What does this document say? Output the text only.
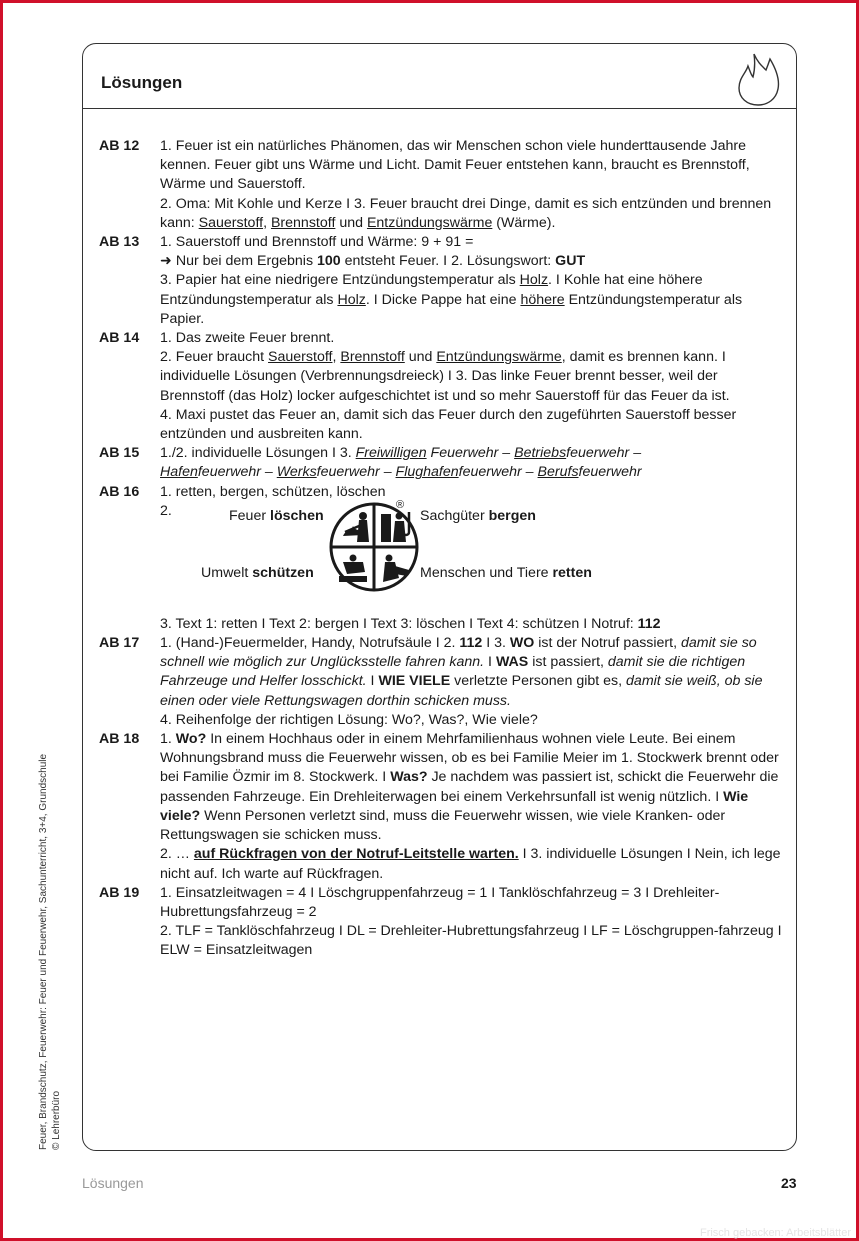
Lösungen
AB 12	1. Feuer ist ein natürliches Phänomen, das wir Menschen schon viele hunderttausende Jahre kennen. Feuer gibt uns Wärme und Licht. Damit Feuer entstehen kann, braucht es Brennstoff, Wärme und Sauerstoff.

2. Oma: Mit Kohle und Kerze I 3. Feuer braucht drei Dinge, damit es sich entzünden und brennen kann: Sauerstoff, Brennstoff und Entzündungswärme (Wärme).

AB 13	1. Sauerstoff und Brennstoff und Wärme: 9 + 91 =

➜ Nur bei dem Ergebnis 100 entsteht Feuer. I 2. Lösungswort: GUT

3. Papier hat eine niedrigere Entzündungstemperatur als Holz. I Kohle hat eine höhere Entzündungstemperatur als Holz. I Dicke Pappe hat eine höhere Entzündungstemperatur als Papier.

AB 14	1. Das zweite Feuer brennt.

2. Feuer braucht Sauerstoff, Brennstoff und Entzündungswärme, damit es brennen kann. I individuelle Lösungen (Verbrennungsdreieck) I 3. Das linke Feuer brennt besser, weil der Brennstoff (das Holz) locker aufgeschichtet ist und so mehr Sauerstoff für das Feuer da ist.

4. Maxi pustet das Feuer an, damit sich das Feuer durch den zugeführten Sauerstoff besser entzünden und ausbreiten kann.

AB 15	1./2. individuelle Lösungen I 3. Freiwilligen Feuerwehr – Betriebsfeuerwehr –
Hafenfeuerwehr – Werksfeuerwehr – Flughafenfeuerwehr – Berufsfeuerwehr

AB 16	1. retten, bergen, schützen, löschen

2.	Feuer löschen	Sachgüter bergen
Umwelt schützen	Menschen und Tiere retten
®

3. Text 1: retten I Text 2: bergen I Text 3: löschen I Text 4: schützen I Notruf: 112

AB 17	1. (Hand-)Feuermelder, Handy, Notrufsäule I 2. 112 I 3. WO ist der Notruf passiert, damit sie so schnell wie möglich zur Unglücksstelle fahren kann. I WAS ist passiert, damit sie die richtigen Fahrzeuge und Helfer losschickt. I WIE VIELE verletzte Personen gibt es, damit sie weiß, ob sie einen oder viele Rettungswagen dorthin schicken muss.

4. Reihenfolge der richtigen Lösung: Wo?, Was?, Wie viele?

AB 18	1. Wo? In einem Hochhaus oder in einem Mehrfamilienhaus wohnen viele Leute. Bei einem Wohnungsbrand muss die Feuerwehr wissen, ob es bei Familie Meier im 1. Stockwerk brennt oder bei Familie Özmir im 8. Stockwerk. I Was? Je nachdem was passiert ist, schickt die Feuerwehr die passenden Fahrzeuge. Ein Drehleiterwagen bei einem Verkehrsunfall ist wenig nützlich. I Wie viele? Wenn Personen verletzt sind, muss die Feuerwehr wissen, wie viele Kranken- oder Rettungswagen sie schicken muss.

2. … auf Rückfragen von der Notruf-Leitstelle warten. I 3. individuelle Lösungen I Nein, ich lege nicht auf. Ich warte auf Rückfragen.

AB 19	1. Einsatzleitwagen = 4 I Löschgruppenfahrzeug = 1 I Tanklöschfahrzeug = 3 I Drehleiter-Hubrettungsfahrzeug = 2

2. TLF = Tanklöschfahrzeug I DL = Drehleiter-Hubrettungsfahrzeug I LF = Löschgruppen-fahrzeug I ELW = Einsatzleitwagen

Feuer, Brandschutz, Feuerwehr: Feuer und Feuerwehr, Sachunterricht, 3+4, Grundschule © Lehrerbüro
Lösungen	23
Frisch gebacken: Arbeitsblätter
